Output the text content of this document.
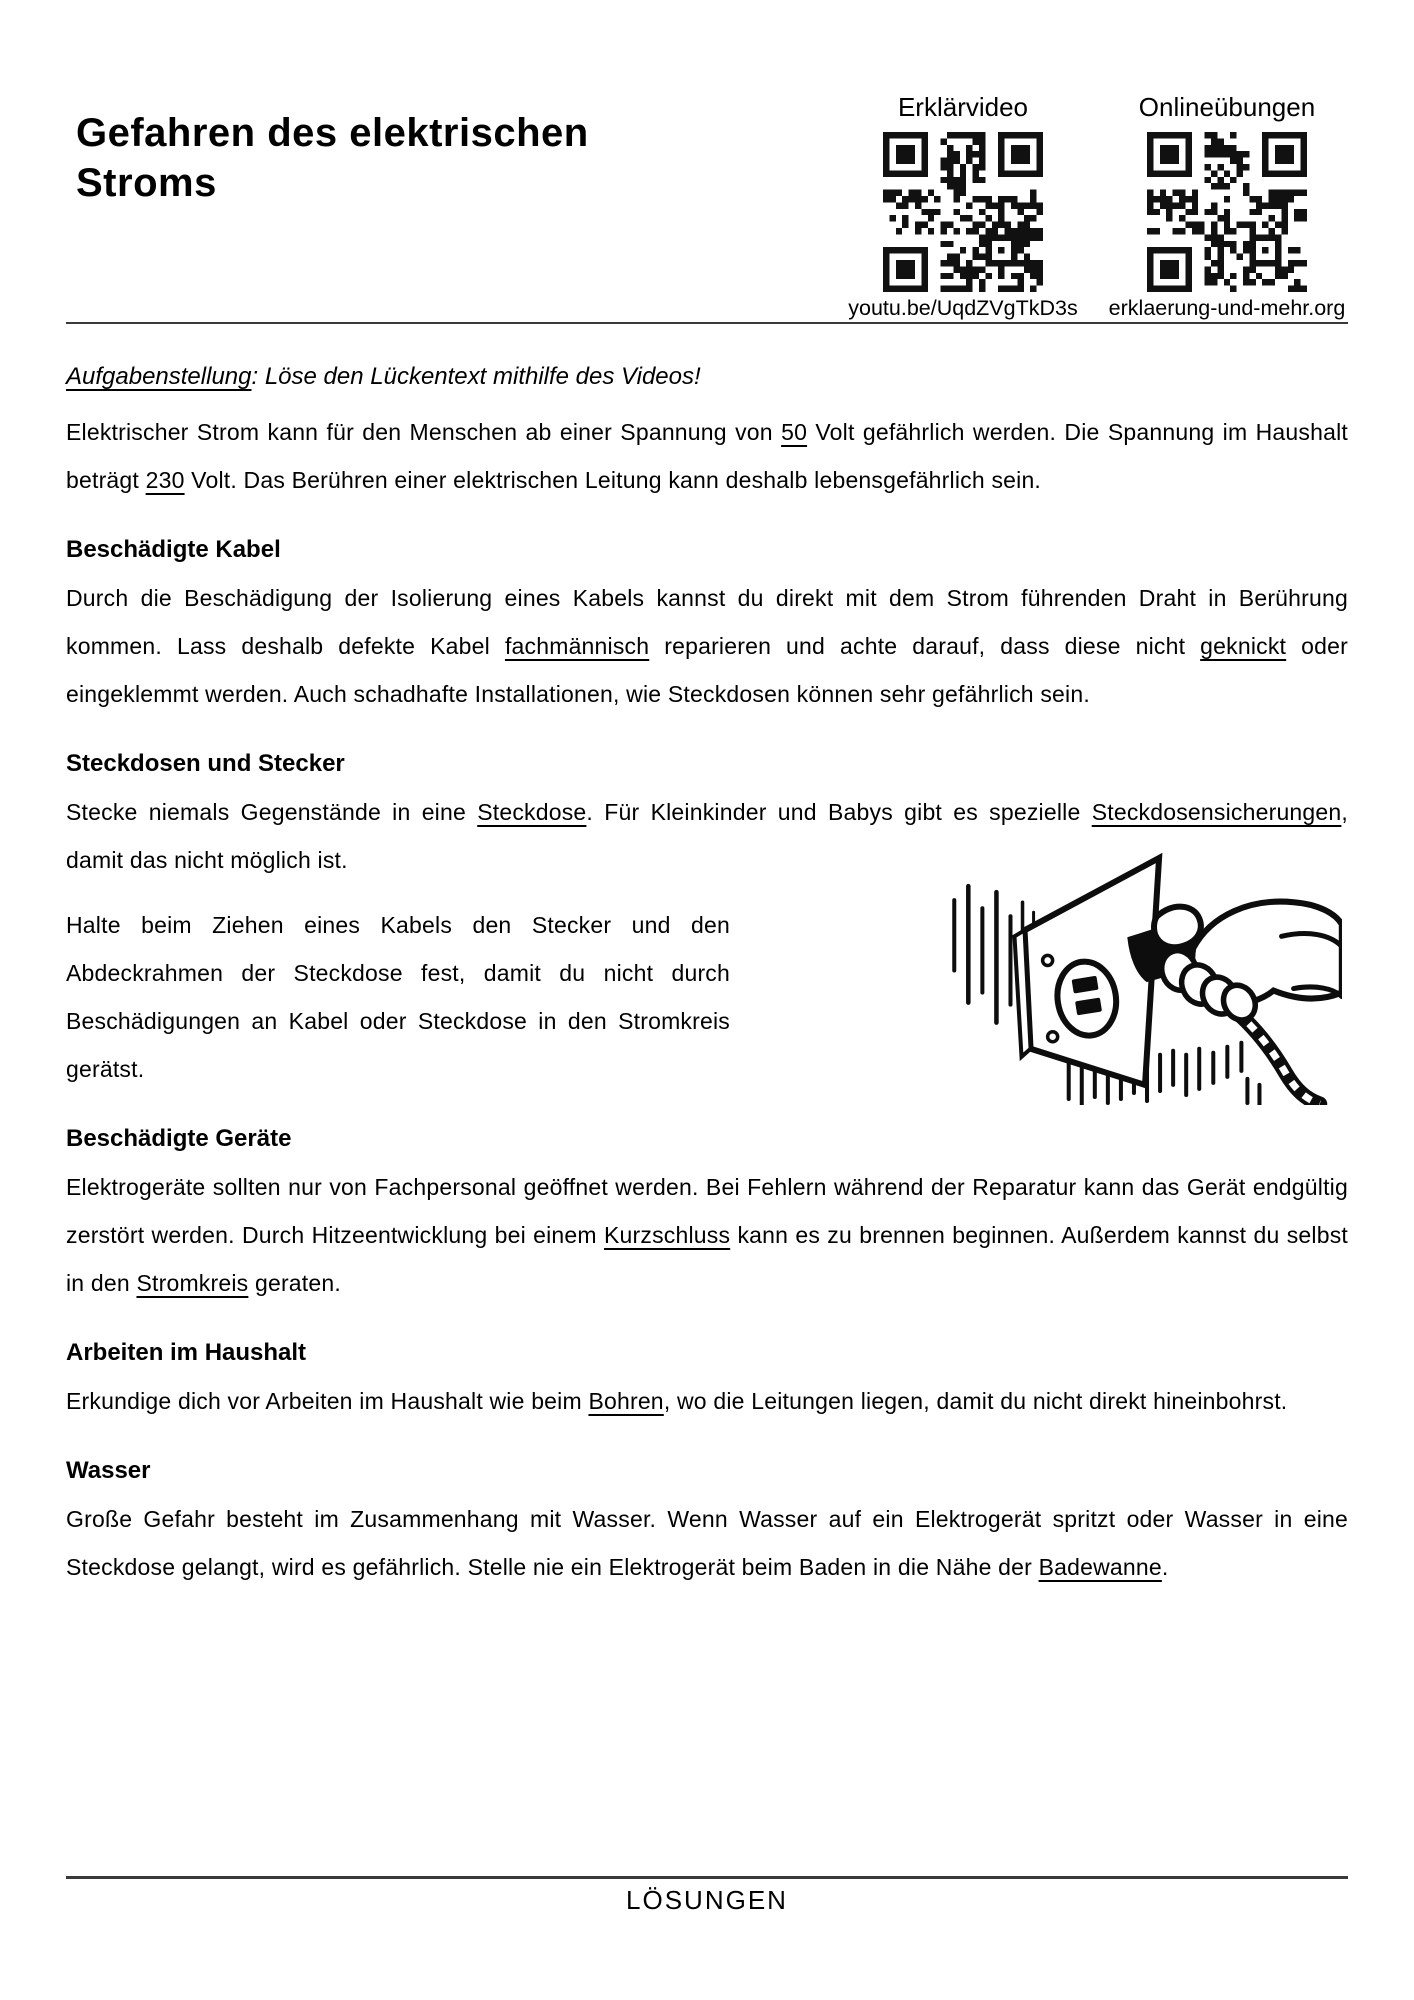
Gefahren des elektrischen
Stroms
Erklärvideo
youtu.be/UqdZVgTkD3s
Onlineübungen
erklaerung-und-mehr.org

Aufgabenstellung: Löse den Lückentext mithilfe des Videos!

Elektrischer Strom kann für den Menschen ab einer Spannung von 50 Volt gefährlich werden. Die Spannung im Haushalt beträgt 230 Volt. Das Berühren einer elektrischen Leitung kann deshalb lebensgefährlich sein.

Beschädigte Kabel

Durch die Beschädigung der Isolierung eines Kabels kannst du direkt mit dem Strom führenden Draht in Berührung kommen. Lass deshalb defekte Kabel fachmännisch reparieren und achte darauf, dass diese nicht geknickt oder eingeklemmt werden. Auch schadhafte Installationen, wie Steckdosen können sehr gefährlich sein.

Steckdosen und Stecker

Stecke niemals Gegenstände in eine Steckdose. Für Kleinkinder und Babys gibt es spezielle Steckdosensicherungen, damit das nicht möglich ist.

Halte beim Ziehen eines Kabels den Stecker und den Abdeckrahmen der Steckdose fest, damit du nicht durch Beschädigungen an Kabel oder Steckdose in den Stromkreis gerätst.

Beschädigte Geräte

Elektrogeräte sollten nur von Fachpersonal geöffnet werden. Bei Fehlern während der Reparatur kann das Gerät endgültig zerstört werden. Durch Hitzeentwicklung bei einem Kurzschluss kann es zu brennen beginnen. Außerdem kannst du selbst in den Stromkreis geraten.

Arbeiten im Haushalt

Erkundige dich vor Arbeiten im Haushalt wie beim Bohren, wo die Leitungen liegen, damit du nicht direkt hineinbohrst.

Wasser

Große Gefahr besteht im Zusammenhang mit Wasser. Wenn Wasser auf ein Elektrogerät spritzt oder Wasser in eine Steckdose gelangt, wird es gefährlich. Stelle nie ein Elektrogerät beim Baden in die Nähe der Badewanne.

LÖSUNGEN
